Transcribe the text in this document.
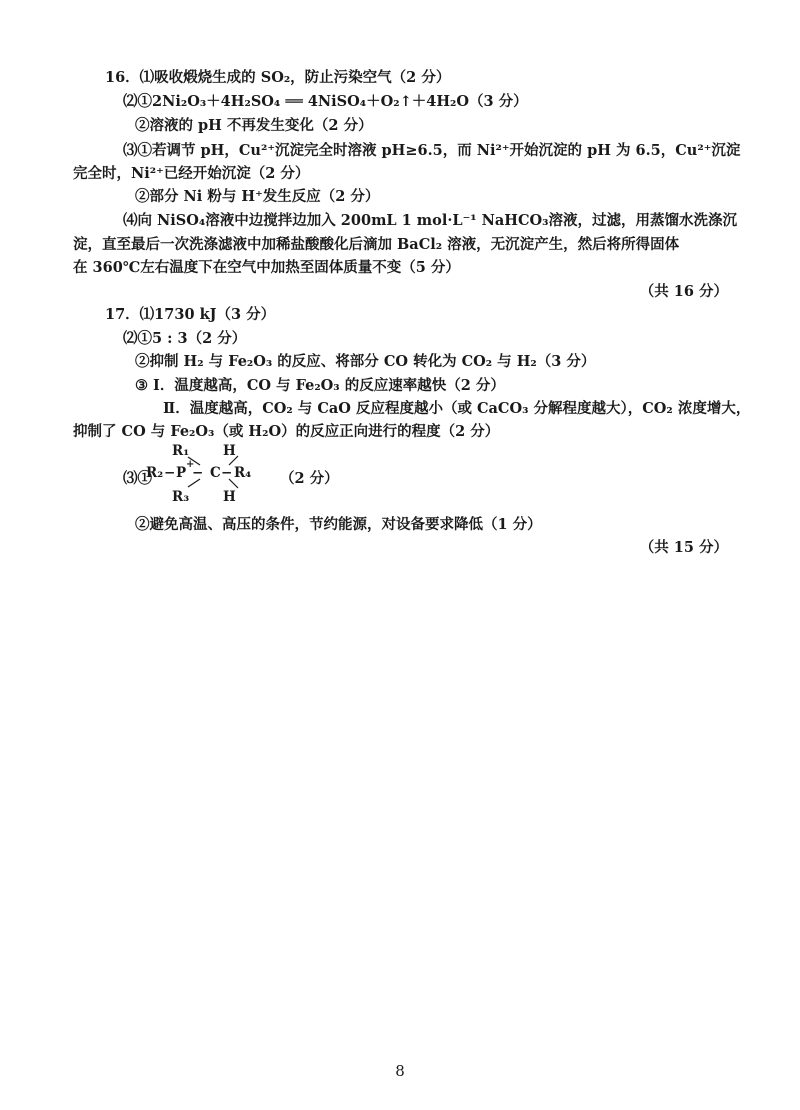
16．⑴吸收煅烧生成的 SO₂，防止污染空气（2 分）
⑵①2Ni₂O₃＋4H₂SO₄ ══ 4NiSO₄＋O₂↑＋4H₂O（3 分）
②溶液的 pH 不再发生变化（2 分）
⑶①若调节 pH，Cu²⁺沉淀完全时溶液 pH≥6.5，而 Ni²⁺开始沉淀的 pH 为 6.5，Cu²⁺沉淀
完全时，Ni²⁺已经开始沉淀（2 分）
②部分 Ni 粉与 H⁺发生反应（2 分）
⑷向 NiSO₄溶液中边搅拌边加入 200mL 1 mol·L⁻¹ NaHCO₃溶液，过滤，用蒸馏水洗涤沉
淀，直至最后一次洗涤滤液中加稀盐酸酸化后滴加 BaCl₂ 溶液，无沉淀产生，然后将所得固体
在 360℃左右温度下在空气中加热至固体质量不变（5 分）
（共 16 分）
17．⑴1730 kJ（3 分）
⑵①5 : 3（2 分）
②抑制 H₂ 与 Fe₂O₃ 的反应、将部分 CO 转化为 CO₂ 与 H₂（3 分）
③ Ⅰ．温度越高，CO 与 Fe₂O₃ 的反应速率越快（2 分）
Ⅱ．温度越高，CO₂ 与 CaO 反应程度越小（或 CaCO₃ 分解程度越大），CO₂ 浓度增大，
抑制了 CO 与 Fe₂O₃（或 H₂O）的反应正向进行的程度（2 分）
⑶①
R₁
R₂ − P
+
− C − R₄
H
H
R₃
（2 分）
②避免高温、高压的条件，节约能源，对设备要求降低（1 分）
（共 15 分）
8
